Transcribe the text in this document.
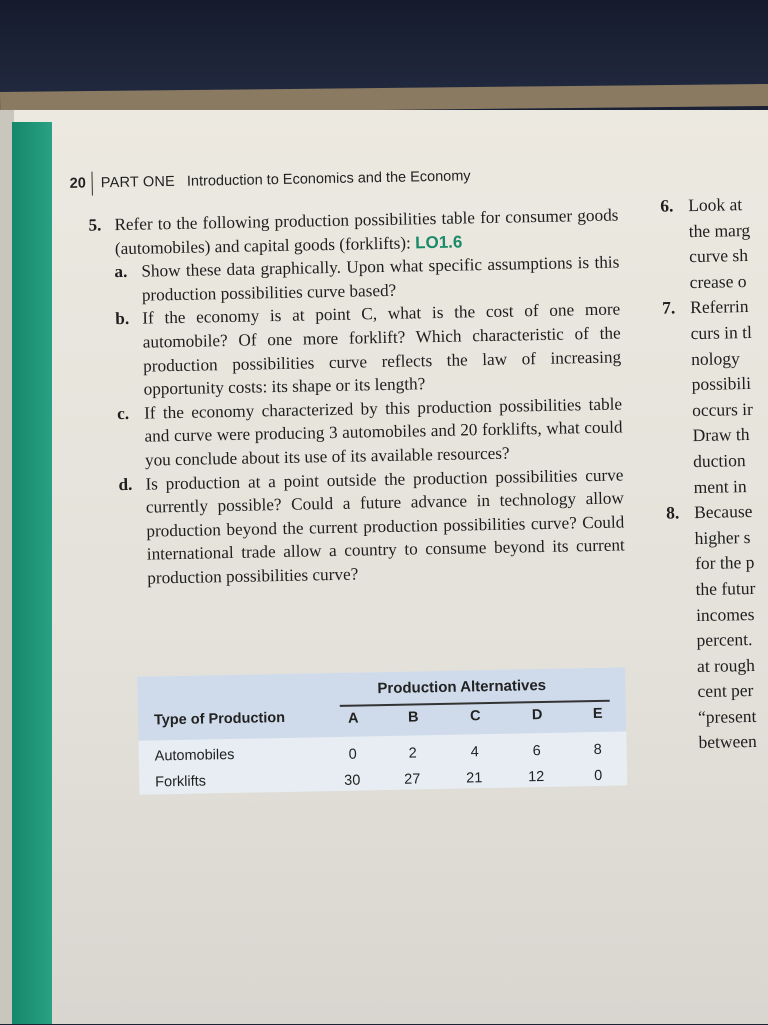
20 PART ONE Introduction to Economics and the Economy
5. Refer to the following production possibilities table for consumer goods (automobiles) and capital goods (forklifts): LO1.6
a. Show these data graphically. Upon what specific assumptions is this production possibilities curve based?
b. If the economy is at point C, what is the cost of one more automobile? Of one more forklift? Which characteristic of the production possibilities curve reflects the law of increasing opportunity costs: its shape or its length?
c. If the economy characterized by this production possibilities table and curve were producing 3 automobiles and 20 forklifts, what could you conclude about its use of its available resources?
d. Is production at a point outside the production possibilities curve currently possible? Could a future advance in technology allow production beyond the current production possibilities curve? Could international trade allow a country to consume beyond its current production possibilities curve?
Production Alternatives
Type of Production	A	B	C	D	E
Automobiles	0	2	4	6	8
Forklifts	30	27	21	12	0
6. Look at
the marg
curve sh
crease o
7. Referrin
curs in tl
nology
possibili
occurs ir
Draw th
duction
ment in
8. Because
higher s
for the p
the futur
incomes
percent.
at rough
cent per
“present
between
